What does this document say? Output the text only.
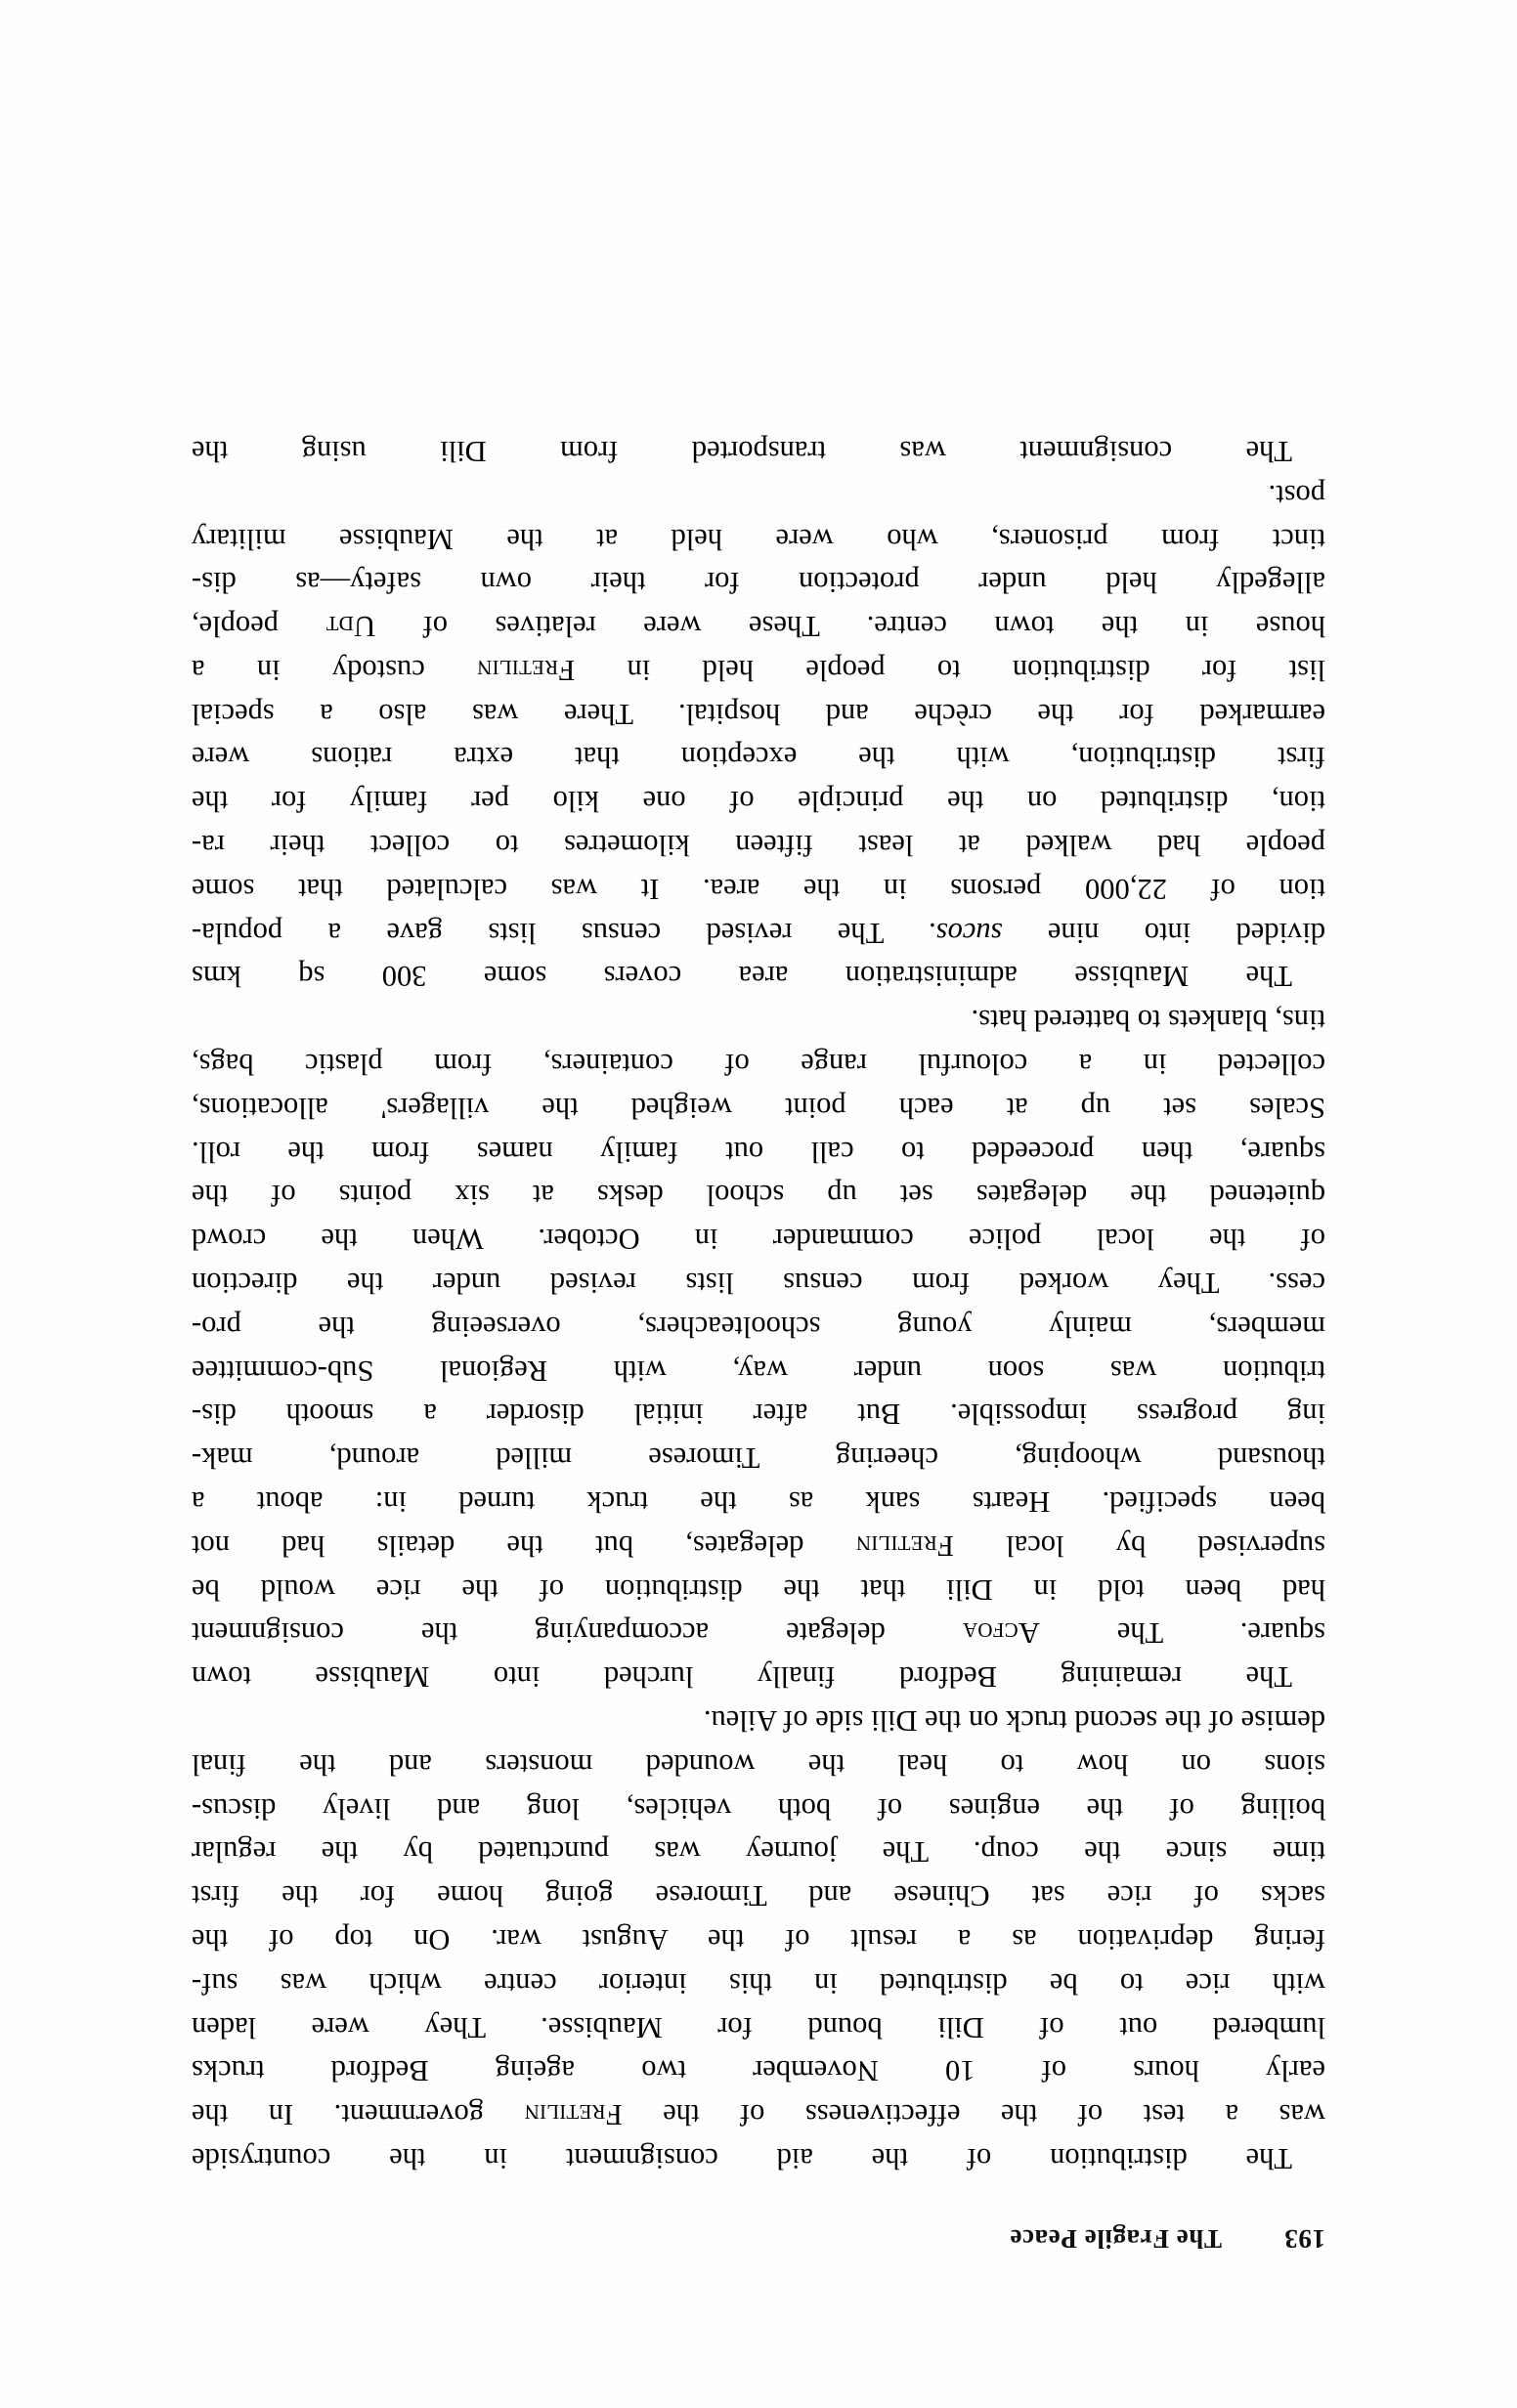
193
The Fragile Peace

The distribution of the aid consignment in the countryside
was a test of the effectiveness of the Fretilin government. In the
early hours of 10 November two ageing Bedford trucks
lumbered out of Dili bound for Maubisse. They were laden
with rice to be distributed in this interior centre which was suf-
fering deprivation as a result of the August war. On top of the
sacks of rice sat Chinese and Timorese going home for the first
time since the coup. The journey was punctuated by the regular
boiling of the engines of both vehicles, long and lively discus-
sions on how to heal the wounded monsters and the final
demise of the second truck on the Dili side of Aileu.

The remaining Bedford finally lurched into Maubisse town
square. The Acfoa delegate accompanying the consignment
had been told in Dili that the distribution of the rice would be
supervised by local Fretilin delegates, but the details had not
been specified. Hearts sank as the truck turned in: about a
thousand whooping, cheering Timorese milled around, mak-
ing progress impossible. But after initial disorder a smooth dis-
tribution was soon under way, with Regional Sub-committee
members, mainly young schoolteachers, overseeing the pro-
cess. They worked from census lists revised under the direction
of the local police commander in October. When the crowd
quietened the delegates set up school desks at six points of the
square, then proceeded to call out family names from the roll.
Scales set up at each point weighed the villagers' allocations,
collected in a colourful range of containers, from plastic bags,
tins, blankets to battered hats.

The Maubisse administration area covers some 300 sq kms
divided into nine sucos. The revised census lists gave a popula-
tion of 22,000 persons in the area. It was calculated that some
people had walked at least fifteen kilometres to collect their ra-
tion, distributed on the principle of one kilo per family for the
first distribution, with the exception that extra rations were
earmarked for the crèche and hospital. There was also a special
list for distribution to people held in Fretilin custody in a
house in the town centre. These were relatives of Udt people,
allegedly held under protection for their own safety—as dis-
tinct from prisoners, who were held at the Maubisse military
post.

The consignment was transported from Dili using the
